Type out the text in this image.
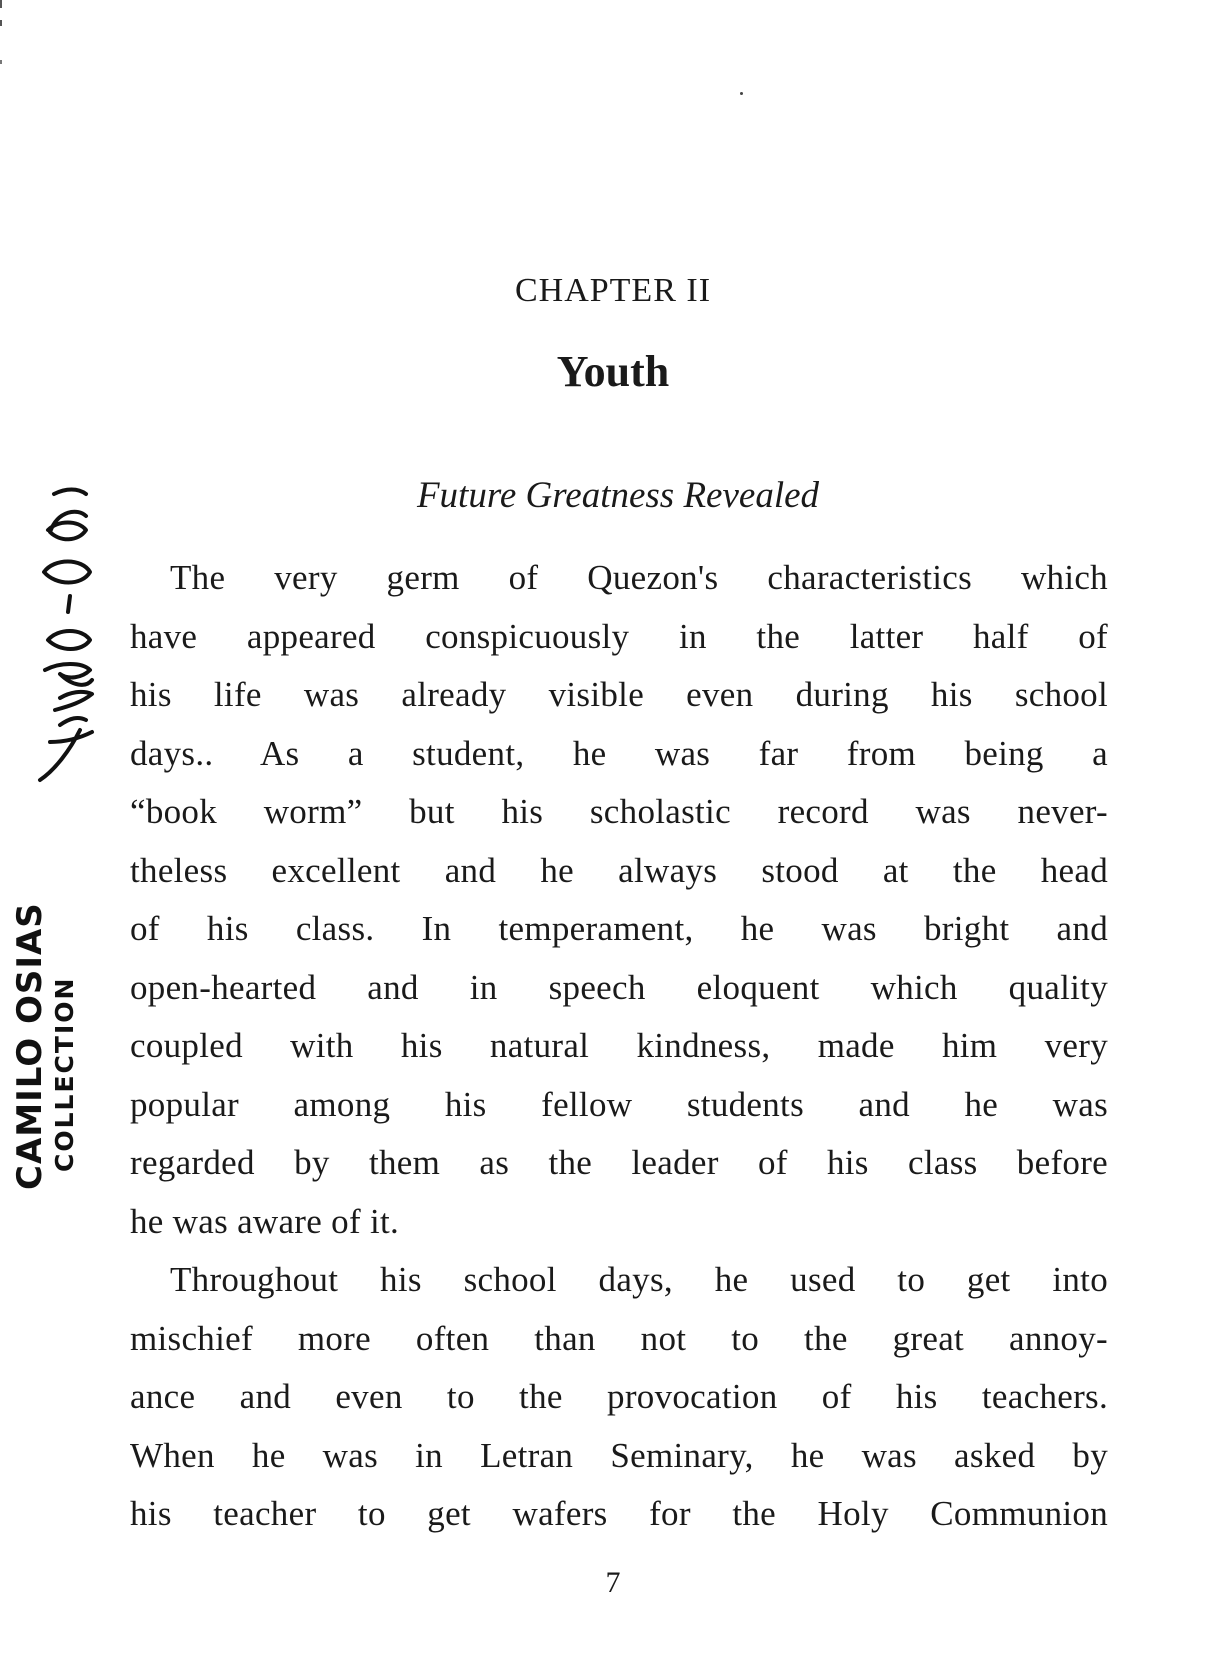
CHAPTER II
Youth
Future Greatness Revealed
The very germ of Quezon's characteristics which
have appeared conspicuously in the latter half of
his life was already visible even during his school
days.. As a student, he was far from being a
“book worm” but his scholastic record was never-
theless excellent and he always stood at the head
of his class. In temperament, he was bright and
open-hearted and in speech eloquent which quality
coupled with his natural kindness, made him very
popular among his fellow students and he was
regarded by them as the leader of his class before
he was aware of it.
Throughout his school days, he used to get into
mischief more often than not to the great annoy-
ance and even to the provocation of his teachers.
When he was in Letran Seminary, he was asked by
his teacher to get wafers for the Holy Communion
7
CAMILO OSIAS COLLECTION
